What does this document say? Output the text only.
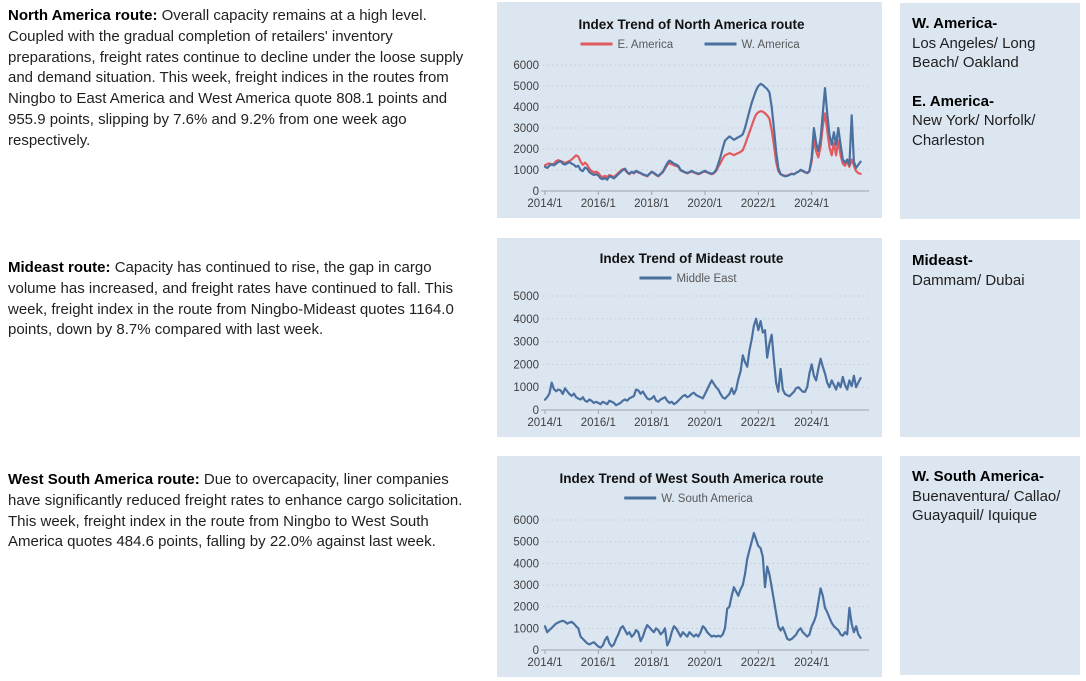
North America route: Overall capacity remains at a high level. Coupled with the gradual completion of retailers' inventory preparations, freight rates continue to decline under the loose supply and demand situation. This week, freight indices in the routes from Ningbo to East America and West America quote 808.1 points and 955.9 points, slipping by 7.6% and 9.2% from one week ago respectively.
Index Trend of North America route
E. America	W. America
0
1000
2000
3000
4000
5000
6000
2014/1 2016/1 2018/1 2020/1 2022/1 2024/1
W. America-
Los Angeles/ Long Beach/ Oakland
E. America-
New York/ Norfolk/ Charleston
Mideast route: Capacity has continued to rise, the gap in cargo volume has increased, and freight rates have continued to fall. This week, freight index in the route from Ningbo-Mideast quotes 1164.0 points, down by 8.7% compared with last week.
Index Trend of Mideast route
Middle East
0
1000
2000
3000
4000
5000
2014/1 2016/1 2018/1 2020/1 2022/1 2024/1
Mideast-
Dammam/ Dubai
West South America route: Due to overcapacity, liner companies have significantly reduced freight rates to enhance cargo solicitation. This week, freight index in the route from Ningbo to West South America quotes 484.6 points, falling by 22.0% against last week.
Index Trend of West South America route
W. South America
0
1000
2000
3000
4000
5000
6000
2014/1 2016/1 2018/1 2020/1 2022/1 2024/1
W. South America-
Buenaventura/ Callao/ Guayaquil/ Iquique
